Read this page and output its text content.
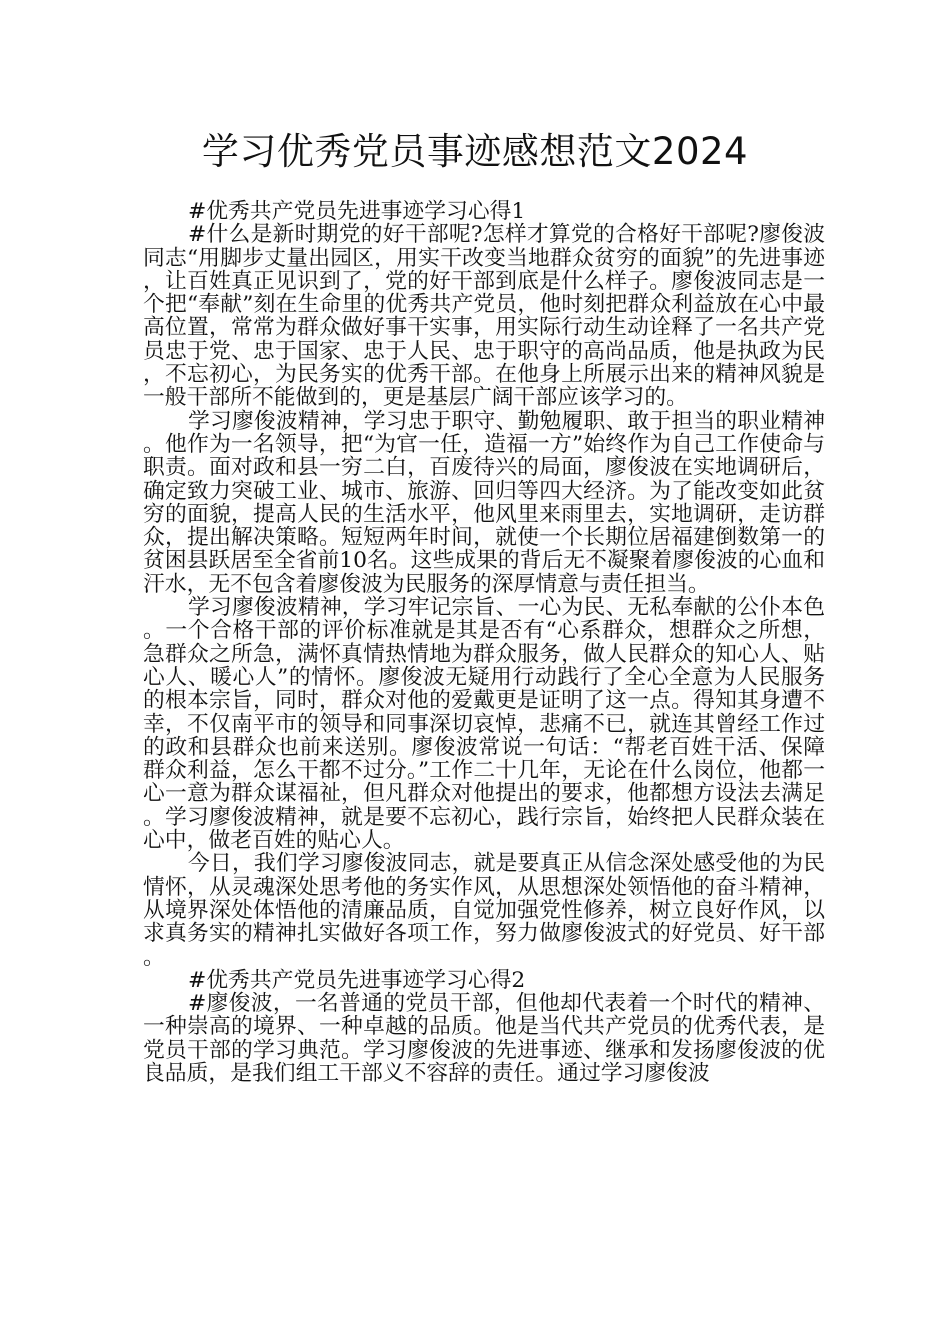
学习优秀党员事迹感想范文2024

#优秀共产党员先进事迹学习心得1

#什么是新时期党的好干部呢?怎样才算党的合格好干部呢?廖俊波同志“用脚步丈量出园区，用实干改变当地群众贫穷的面貌”的先进事迹，让百姓真正见识到了，党的好干部到底是什么样子。廖俊波同志是一个把“奉献”刻在生命里的优秀共产党员，他时刻把群众利益放在心中最高位置，常常为群众做好事干实事，用实际行动生动诠释了一名共产党员忠于党、忠于国家、忠于人民、忠于职守的高尚品质，他是执政为民，不忘初心，为民务实的优秀干部。在他身上所展示出来的精神风貌是一般干部所不能做到的，更是基层广阔干部应该学习的。

学习廖俊波精神，学习忠于职守、勤勉履职、敢于担当的职业精神。他作为一名领导，把“为官一任，造福一方”始终作为自己工作使命与职责。面对政和县一穷二白，百废待兴的局面，廖俊波在实地调研后，确定致力突破工业、城市、旅游、回归等四大经济。为了能改变如此贫穷的面貌，提高人民的生活水平，他风里来雨里去，实地调研，走访群众，提出解决策略。短短两年时间，就使一个长期位居福建倒数第一的贫困县跃居至全省前10名。这些成果的背后无不凝聚着廖俊波的心血和汗水，无不包含着廖俊波为民服务的深厚情意与责任担当。

学习廖俊波精神，学习牢记宗旨、一心为民、无私奉献的公仆本色。一个合格干部的评价标准就是其是否有“心系群众，想群众之所想，急群众之所急，满怀真情热情地为群众服务，做人民群众的知心人、贴心人、暖心人”的情怀。廖俊波无疑用行动践行了全心全意为人民服务的根本宗旨，同时，群众对他的爱戴更是证明了这一点。得知其身遭不幸，不仅南平市的领导和同事深切哀悼，悲痛不已，就连其曾经工作过的政和县群众也前来送别。廖俊波常说一句话：“帮老百姓干活、保障群众利益，怎么干都不过分。”工作二十几年，无论在什么岗位，他都一心一意为群众谋福祉，但凡群众对他提出的要求，他都想方设法去满足。学习廖俊波精神，就是要不忘初心，践行宗旨，始终把人民群众装在心中，做老百姓的贴心人。

今日，我们学习廖俊波同志，就是要真正从信念深处感受他的为民情怀，从灵魂深处思考他的务实作风，从思想深处领悟他的奋斗精神，从境界深处体悟他的清廉品质，自觉加强党性修养，树立良好作风，以求真务实的精神扎实做好各项工作，努力做廖俊波式的好党员、好干部。

#优秀共产党员先进事迹学习心得2

#廖俊波，一名普通的党员干部，但他却代表着一个时代的精神、一种崇高的境界、一种卓越的品质。他是当代共产党员的优秀代表，是党员干部的学习典范。学习廖俊波的先进事迹、继承和发扬廖俊波的优良品质，是我们组工干部义不容辞的责任。通过学习廖俊波
